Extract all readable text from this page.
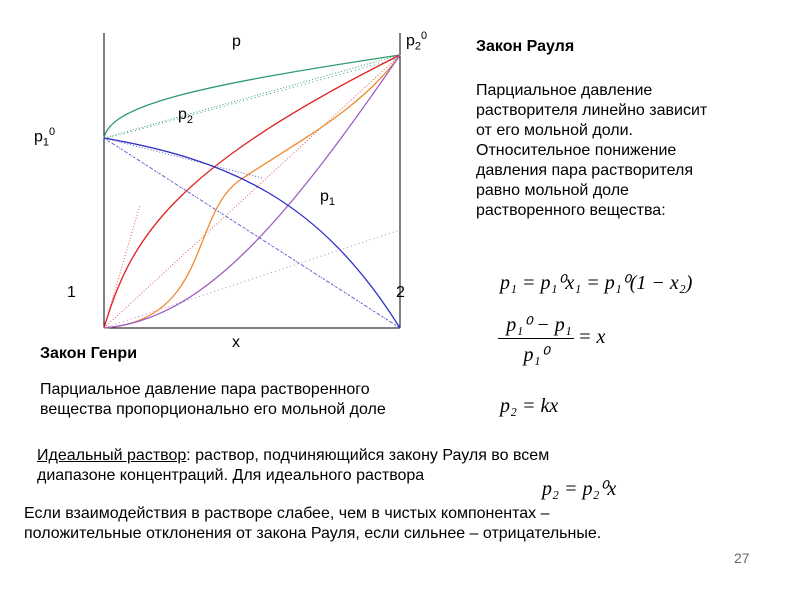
p
x
$p_1^0$
$p_2^0$
$p_2$
$p_1$
1	2
Закон Рауля
Парциальное давление
растворителя линейно зависит
от его мольной доли.
Относительное понижение
давления пара растворителя
равно мольной доле
растворенного вещества:
p₁ = p₁⁰x₁ = p₁⁰(1 − x₂)
p₁⁰ − p₁
p₁⁰
= x
Закон Генри
Парциальное давление пара растворенного
вещества пропорционально его мольной доле	p₂ = kx
Идеальный раствор: раствор, подчиняющийся закону Рауля во всем
диапазоне концентраций. Для идеального раствора
p₂ = p₂⁰x
Если взаимодействия в растворе слабее, чем в чистых компонентах –
положительные отклонения от закона Рауля, если сильнее – отрицательные.
27
